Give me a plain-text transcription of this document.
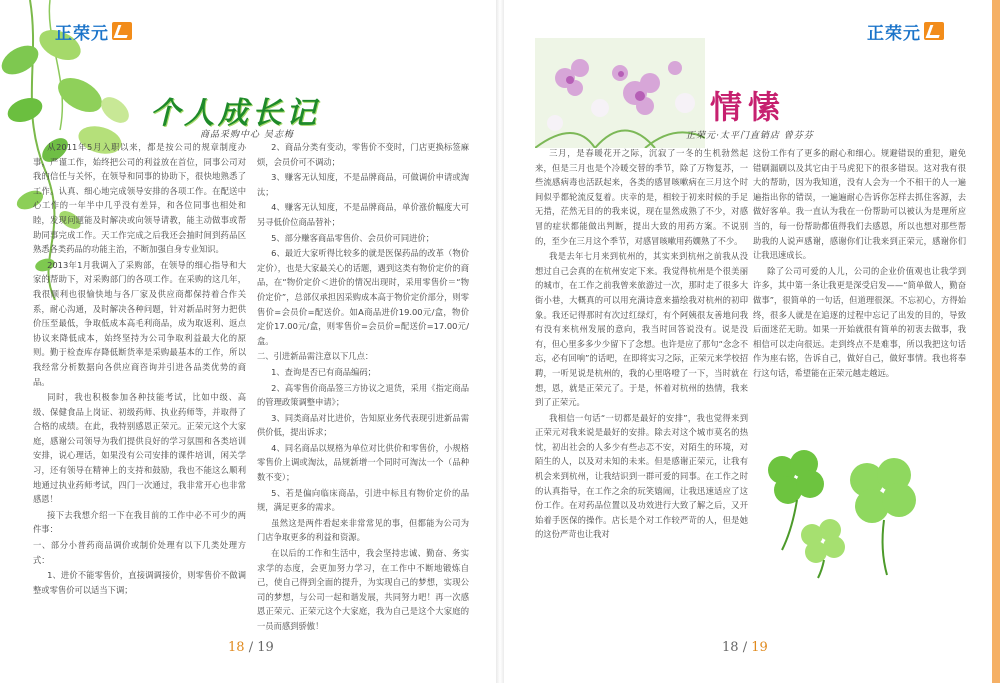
正荣元
个人成长记
商品采购中心 吴志梅

从2011年5月入职以来，都是按公司的规章制度办事，严谨工作，始终把公司的利益放在首位，同事公司对我的信任与关怀，在领导和同事的协助下，很快地熟悉了工作。认真、细心地完成领导安排的各项工作。在配送中心工作的一年半中几乎没有差异，和各位同事也相处和睦，发现问题能及时解决或向领导请教，能主动做事或帮助同事完成工作。天工作完成之后我还会抽时间到药品区熟悉各类药品的功能主治，不断加强自身专业知识。

2013年1月我调入了采购部，在领导的细心指导和大家的帮助下，对采购部门的各项工作。在采购的这几年，我很顺利也很愉快地与各厂家及供应商都保持着合作关系，耐心沟通，及时解决各种问题，针对新品时努力把供价压至最低，争取低成本高毛利商品，成为取返利、返点协议来降低成本，始终坚持为公司争取利益最大化的原则。勤于检查库存降低断货率是采购最基本的工作，所以我经常分析数据向各供应商咨询并引进各品类优势的商品。

同时，我也积极参加各种技能考试，比如中级、高级、保健食品上岗证、初级药师、执业药师等，并取得了合格的成绩。在此，我特别感恩正荣元。正荣元这个大家庭，感谢公司领导为我们提供良好的学习氛围和各类培训安排，说心理话，如果没有公司安排的课件培训，闲关学习，还有领导在精神上的支持和鼓励，我也不能这么顺利地通过执业药师考试，四门一次通过，我非常开心也非常感恩！

接下去我想介绍一下在我目前的工作中必不可少的两件事：

一、部分小普药商品调价或制价处理有以下几类处理方式：

1、进价不能零售价，直接调调接价，则零售价不做调整或零售价可以适当下调；

2、商品分类有变动，零售价不变时，门店更换标签麻烦，会员价可不调动；

3、赚客无认知度，不是品牌商品，可做调价申请或淘汰；

4、赚客无认知度，不是品牌商品，单价涨价幅度大可另寻低价位商品替补；

5、部分赚客商品零售价、会员价可同进价；

6、最近大家听得比较多的就是医保药品的改革（物价定价），也是大家最关心的话题，遇到这类有物价定价的商品，在“物价定价＜进价的情况出现时，采用零售价＝“物价定价”，总部仅承担因采购成本高于物价定价部分，则零售价=会员价=配送价。如A商品进价19.00元/盒，物价定价17.00元/盒，则零售价=会员价=配送价=17.00元/盒。

二、引进新品需注意以下几点：

1、查询是否已有商品编码；

2、高零售价商品签三方协议之退货，采用《指定商品的管理政策调整申请》；

3、同类商品对比进价，告知原业务代表现引进新品需供价低，提出诉求；

4、同名商品以规格为单位对比供价和零售价，小规格零售价上调或淘汰，品规新增一个同时可淘汰一个（品种数不变）；

5、若是偏向临床商品，引进中标且有物价定价的品规，满足更多的需求。

虽然这是两件看起来非常常见的事，但都能为公司为门店争取更多的利益和资源。

在以后的工作和生活中，我会坚持忠诚、勤奋、务实求学的态度，会更加努力学习，在工作中不断地锻炼自己，使自己得到全面的提升，为实现自己的梦想，实现公司的梦想，与公司一起和谐发展，共同努力吧！再一次感恩正荣元、正荣元这个大家庭，我为自己是这个大家庭的一员而感到骄傲！

18 / 19
正荣元
情愫
正荣元·太平门直销店 曾芬芬

三月，是春暖花开之际，沉寂了一冬的生机勃然起来，但是三月也是个冷暖交替的季节，除了万物复苏，一些流感病毒也活跃起来，各类的感冒咳嗽病在三月这个时间似乎都轮流反复着。庆幸的是，相较于初来时候的手足无措，茫然无目的的我来说，现在显然成熟了不少，对感冒的症状都能做出判断，提出大致的用药方案。不说别的，至少在三月这个季节，对感冒咳嗽用药嫺熟了不少。

我是去年七月来到杭州的，其实来到杭州之前我从没想过自己会真的在杭州安定下来。我觉得杭州是个很美丽的城市，在工作之前我曾来旅游过一次，那时走了很多大街小巷，大概真的可以用充满诗意来描绘我对杭州的初印象。我还记得那时有次过红绿灯，有个阿姨很友善地问我有没有来杭州发展的意向，我当时回答说没有。说是没有，但心里多多少少留下了念想。也许是应了那句“念念不忘，必有回响”的话吧，在即将实习之际，正荣元来学校招聘，一听见说是杭州的，我的心里咯噔了一下，当时就在想，恩，就是正荣元了。于是，怀着对杭州的热情，我来到了正荣元。

我相信一句话“一切都是最好的安排”，我也觉得来到正荣元对我来说是最好的安排。除去对这个城市莫名的热忱，初出社会的人多少有些忐忑不安，对陌生的环境，对陌生的人，以及对未知的未来。但是感谢正荣元，让我有机会来到杭州，让我结识到一群可爱的同事。在工作之时的认真指导，在工作之余的玩笑嬉闹，让我迅速适应了这份工作。在对药品位置以及功效进行大致了解之后，又开始着手医保的操作。店长是个对工作较严苛的人，但是她的这份严苛也让我对

这份工作有了更多的耐心和细心。规避错误的重犯，避免错刷漏刷以及其它由于马虎犯下的很多错误。这对我有很大的帮助，因为我知道，没有人会为一个不相干的人一遍遍指出你的错误，一遍遍耐心告诉你怎样去抓住客源，去做好客单。我一直认为我在一份帮助可以被认为是理所应当的，每一份帮助都值得我们去感恩，所以也想对那些帮助我的人说声感谢，感谢你们让我来到正荣元，感谢你们让我迅速成长。

除了公司可爱的人儿，公司的企业价值观也让我学到许多，其中第一条让我更是深受启发——“简单做人，勤奋做事”，很简单的一句话，但道理很深。不忘初心，方得始终，很多人就是在追逐的过程中忘记了出发的目的，导致后面迷茫无助。如果一开始就很有简单的初衷去做事，我相信可以走向很远。走到终点不是难事，所以我把这句话作为座右铭，告诉自己，做好自己，做好事情。我也将奉行这句话，希望能在正荣元越走越远。

18 / 19
